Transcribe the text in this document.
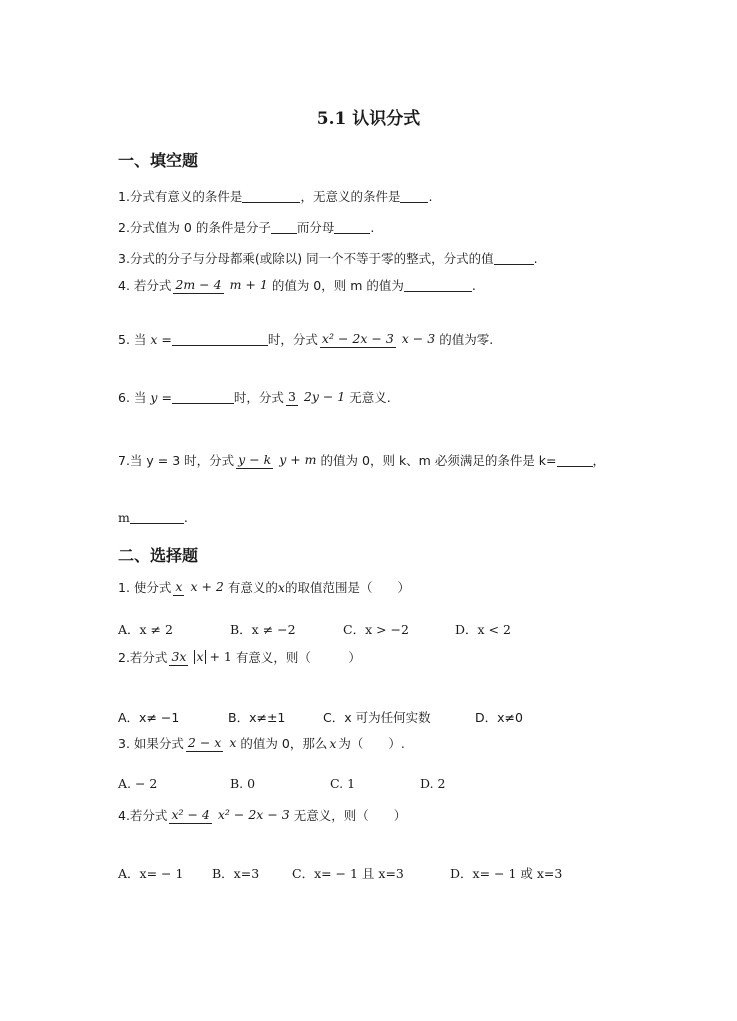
5.1 认识分式
一、填空题
1.分式有意义的条件是	，无意义的条件是 .
2.分式值为 0 的条件是分子 而分母	.
3.分式的分子与分母都乘(或除以) 同一个不等于零的整式，分式的值	.
4. 若分式 2m − 4 m + 1 的值为 0，则 m 的值为	.
5. 当 x =	时，分式 x² − 2x − 3 x − 3 的值为零.
6. 当 y =	时，分式 3 2y − 1 无意义.
7.当 y = 3 时，分式 y − k y + m 的值为 0，则 k、m 必须满足的条件是 k=	，
m	.
二、选择题
1. 使分式 x x + 2 有意义的 x 的取值范围是（　　）
A．x ≠ 2	B．x ≠ −2	C．x > −2	D．x < 2
2.若分式 3x x + 1 有意义，则（　　　）
A．x≠ −1	B．x≠±1	C．x 可为任何实数	D．x≠0
3. 如果分式 2 − x x 的值为 0，那么 x 为（　　）.
A. − 2	B. 0	C. 1	D. 2
4.若分式 x² − 4 x² − 2x − 3 无意义，则（　　）
A．x= − 1 B．x=3	C．x= − 1 且 x=3	D．x= − 1 或 x=3
